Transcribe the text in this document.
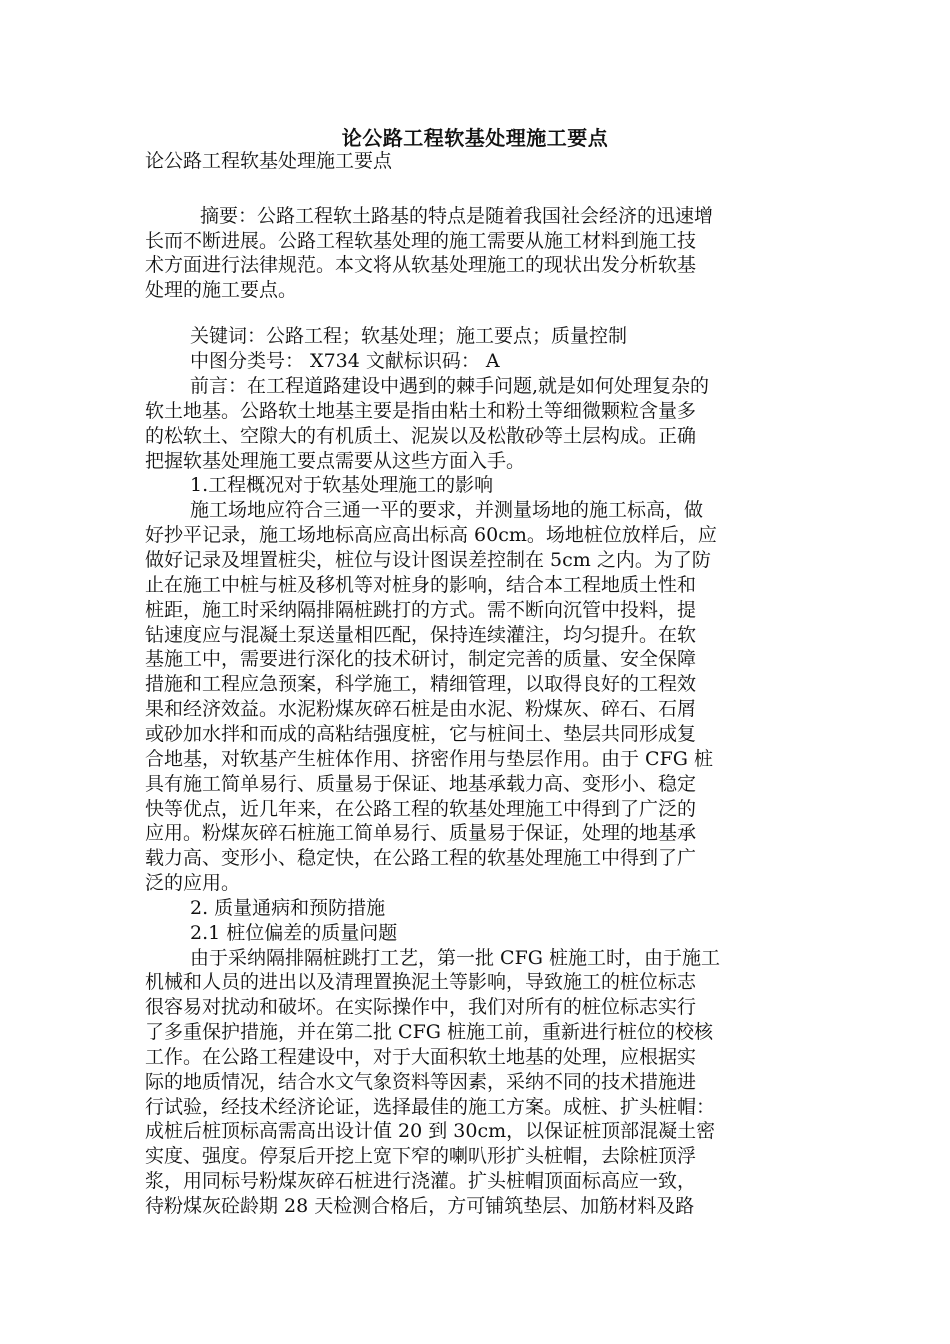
论公路工程软基处理施工要点
论公路工程软基处理施工要点
摘要：公路工程软土路基的特点是随着我国社会经济的迅速增
长而不断进展。公路工程软基处理的施工需要从施工材料到施工技
术方面进行法律规范。本文将从软基处理施工的现状出发分析软基
处理的施工要点。
关键词：公路工程；软基处理；施工要点；质量控制
中图分类号： X734 文献标识码： A
前言：在工程道路建设中遇到的棘手问题,就是如何处理复杂的
软土地基。公路软土地基主要是指由粘土和粉土等细微颗粒含量多
的松软土、空隙大的有机质土、泥炭以及松散砂等土层构成。正确
把握软基处理施工要点需要从这些方面入手。
1.工程概况对于软基处理施工的影响
施工场地应符合三通一平的要求，并测量场地的施工标高，做
好抄平记录，施工场地标高应高出标高 60cm。场地桩位放样后，应
做好记录及埋置桩尖，桩位与设计图误差控制在 5cm 之内。为了防
止在施工中桩与桩及移机等对桩身的影响，结合本工程地质土性和
桩距，施工时采纳隔排隔桩跳打的方式。需不断向沉管中投料，提
钻速度应与混凝土泵送量相匹配，保持连续灌注，均匀提升。在软
基施工中，需要进行深化的技术研讨，制定完善的质量、安全保障
措施和工程应急预案，科学施工，精细管理，以取得良好的工程效
果和经济效益。水泥粉煤灰碎石桩是由水泥、粉煤灰、碎石、石屑
或砂加水拌和而成的高粘结强度桩，它与桩间土、垫层共同形成复
合地基，对软基产生桩体作用、挤密作用与垫层作用。由于 CFG 桩
具有施工简单易行、质量易于保证、地基承载力高、变形小、稳定
快等优点，近几年来，在公路工程的软基处理施工中得到了广泛的
应用。粉煤灰碎石桩施工简单易行、质量易于保证，处理的地基承
载力高、变形小、稳定快，在公路工程的软基处理施工中得到了广
泛的应用。
2. 质量通病和预防措施
2.1 桩位偏差的质量问题
由于采纳隔排隔桩跳打工艺，第一批 CFG 桩施工时，由于施工
机械和人员的进出以及清理置换泥土等影响，导致施工的桩位标志
很容易对扰动和破坏。在实际操作中，我们对所有的桩位标志实行
了多重保护措施，并在第二批 CFG 桩施工前，重新进行桩位的校核
工作。在公路工程建设中，对于大面积软土地基的处理，应根据实
际的地质情况，结合水文气象资料等因素，采纳不同的技术措施进
行试验，经技术经济论证，选择最佳的施工方案。成桩、扩头桩帽：
成桩后桩顶标高需高出设计值 20 到 30cm，以保证桩顶部混凝土密
实度、强度。停泵后开挖上宽下窄的喇叭形扩头桩帽，去除桩顶浮
浆，用同标号粉煤灰碎石桩进行浇灌。扩头桩帽顶面标高应一致，
待粉煤灰砼龄期 28 天检测合格后，方可铺筑垫层、加筋材料及路
